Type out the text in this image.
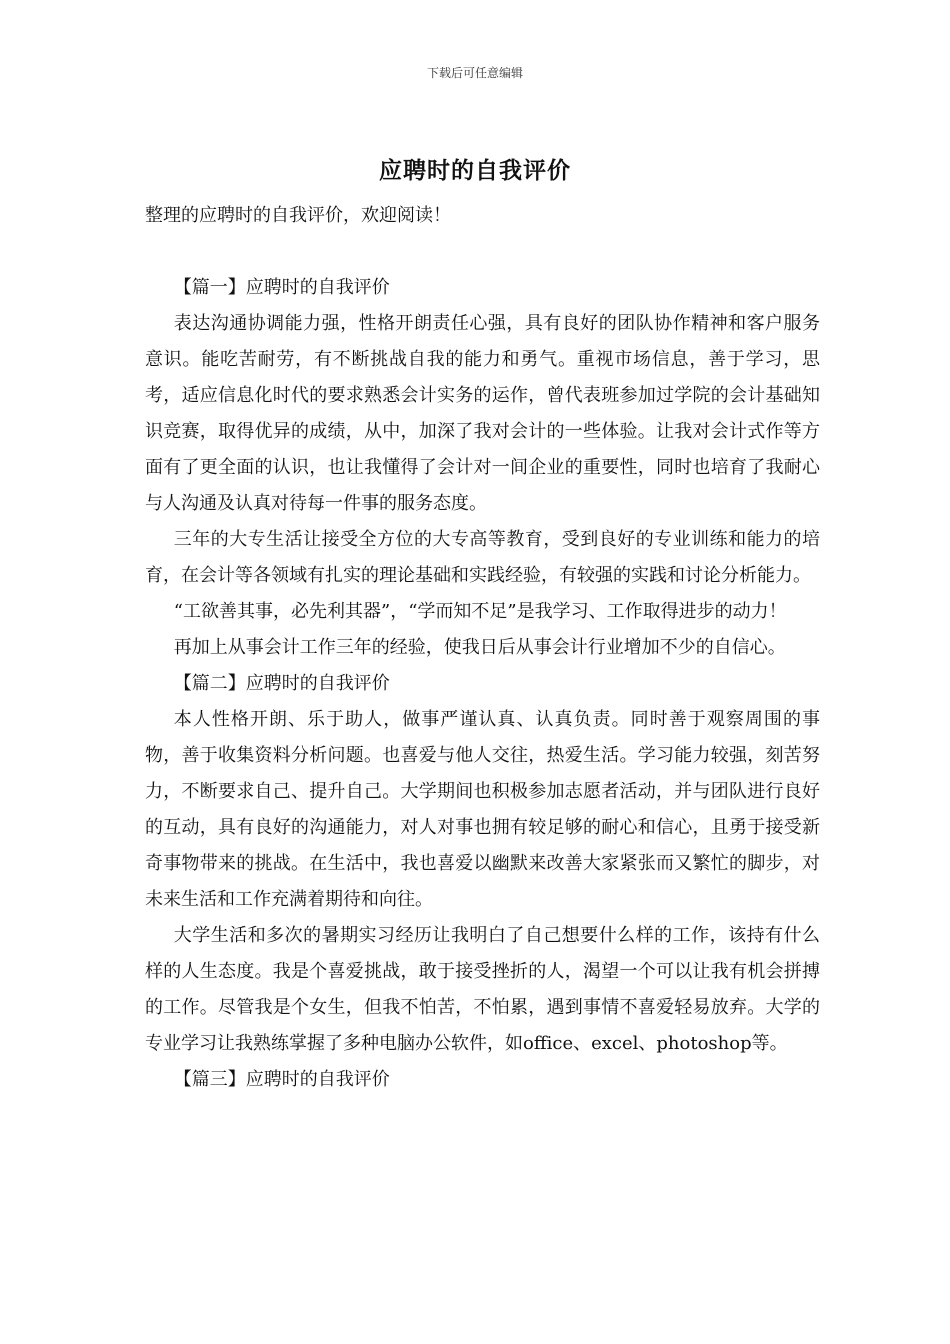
下载后可任意编辑
应聘时的自我评价

整理的应聘时的自我评价，欢迎阅读！

【篇一】应聘时的自我评价

表达沟通协调能力强，性格开朗责任心强，具有良好的团队协作精神和客户服务意识。能吃苦耐劳，有不断挑战自我的能力和勇气。重视市场信息，善于学习，思考，适应信息化时代的要求熟悉会计实务的运作，曾代表班参加过学院的会计基础知识竞赛，取得优异的成绩，从中，加深了我对会计的一些体验。让我对会计式作等方面有了更全面的认识，也让我懂得了会计对一间企业的重要性，同时也培育了我耐心与人沟通及认真对待每一件事的服务态度。

三年的大专生活让接受全方位的大专高等教育，受到良好的专业训练和能力的培育，在会计等各领域有扎实的理论基础和实践经验，有较强的实践和讨论分析能力。

“工欲善其事，必先利其器”，“学而知不足”是我学习、工作取得进步的动力！

再加上从事会计工作三年的经验，使我日后从事会计行业增加不少的自信心。

【篇二】应聘时的自我评价

本人性格开朗、乐于助人，做事严谨认真、认真负责。同时善于观察周围的事物，善于收集资料分析问题。也喜爱与他人交往，热爱生活。学习能力较强，刻苦努力，不断要求自己、提升自己。大学期间也积极参加志愿者活动，并与团队进行良好的互动，具有良好的沟通能力，对人对事也拥有较足够的耐心和信心，且勇于接受新奇事物带来的挑战。在生活中，我也喜爱以幽默来改善大家紧张而又繁忙的脚步，对未来生活和工作充满着期待和向往。

大学生活和多次的暑期实习经历让我明白了自己想要什么样的工作，该持有什么样的人生态度。我是个喜爱挑战，敢于接受挫折的人，渴望一个可以让我有机会拼搏的工作。尽管我是个女生，但我不怕苦，不怕累，遇到事情不喜爱轻易放弃。大学的专业学习让我熟练掌握了多种电脑办公软件，如office、excel、photoshop等。

【篇三】应聘时的自我评价
